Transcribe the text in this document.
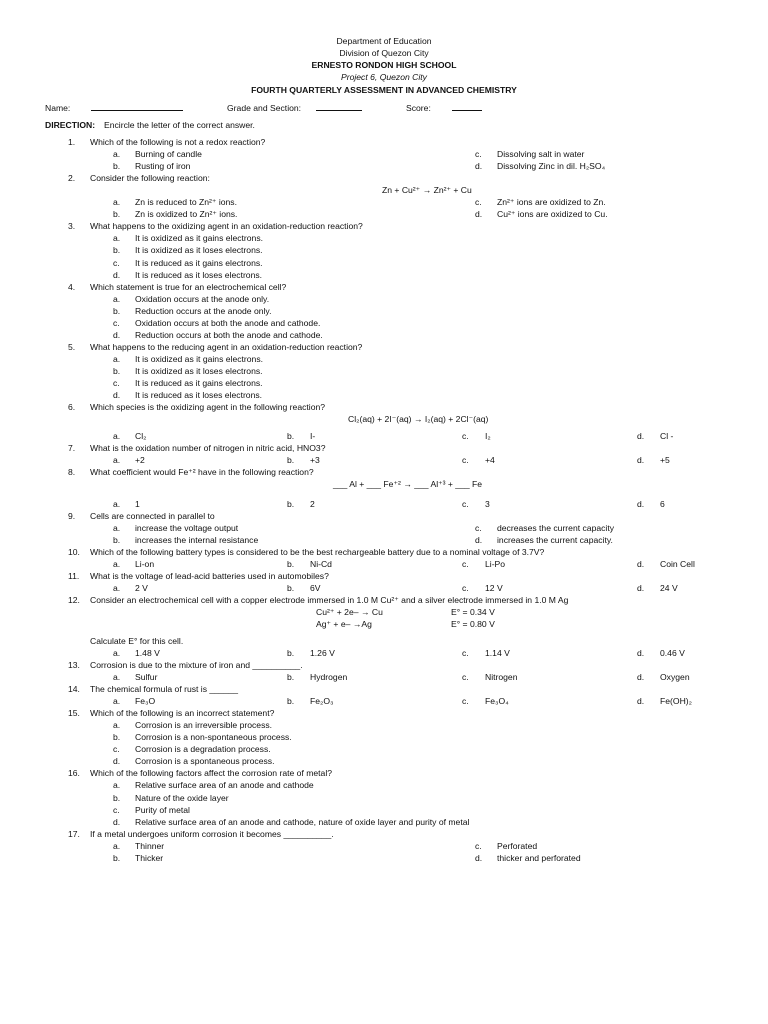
Department of Education
Division of Quezon City
ERNESTO RONDON HIGH SCHOOL
Project 6, Quezon City
FOURTH QUARTERLY ASSESSMENT IN ADVANCED CHEMISTRY
Name:	Grade and Section:	Score:
DIRECTION: Encircle the letter of the correct answer.
1. Which of the following is not a redox reaction?
a. Burning of candle	c. Dissolving salt in water
b. Rusting of iron	d. Dissolving Zinc in dil. H₂SO₄
2. Consider the following reaction:
Zn + Cu²⁺ → Zn²⁺ + Cu
a. Zn is reduced to Zn²⁺ ions.	c. Zn²⁺ ions are oxidized to Zn.
b. Zn is oxidized to Zn²⁺ ions.	d. Cu²⁺ ions are oxidized to Cu.
3. What happens to the oxidizing agent in an oxidation-reduction reaction?
a. It is oxidized as it gains electrons.
b. It is oxidized as it loses electrons.
c. It is reduced as it gains electrons.
d. It is reduced as it loses electrons.
4. Which statement is true for an electrochemical cell?
a. Oxidation occurs at the anode only.
b. Reduction occurs at the anode only.
c. Oxidation occurs at both the anode and cathode.
d. Reduction occurs at both the anode and cathode.
5. What happens to the reducing agent in an oxidation-reduction reaction?
a. It is oxidized as it gains electrons.
b. It is oxidized as it loses electrons.
c. It is reduced as it gains electrons.
d. It is reduced as it loses electrons.
6. Which species is the oxidizing agent in the following reaction?
Cl₂(aq) + 2I⁻(aq) → I₂(aq) + 2Cl⁻(aq)
a. Cl₂	b. I-	c. I₂	d. Cl -
7. What is the oxidation number of nitrogen in nitric acid, HNO3?
a. +2	b. +3	c. +4	d. +5
8. What coefficient would Fe⁺² have in the following reaction?
___ Al + ___ Fe⁺² → ___ Al⁺³ + ___ Fe
a. 1	b. 2	c. 3	d. 6
9. Cells are connected in parallel to
a. increase the voltage output	c. decreases the current capacity
b. increases the internal resistance	d. increases the current capacity.
10. Which of the following battery types is considered to be the best rechargeable battery due to a nominal voltage of 3.7V?
a. Li-on	b. Ni-Cd	c. Li-Po	d. Coin Cell
11. What is the voltage of lead-acid batteries used in automobiles?
a. 2 V	b. 6V	c. 12 V	d. 24 V
12. Consider an electrochemical cell with a copper electrode immersed in 1.0 M Cu²⁺ and a silver electrode immersed in 1.0 M Ag
Cu²⁺ + 2e– → Cu	E° = 0.34 V
Ag⁺ + e– →Ag	E° = 0.80 V
Calculate E° for this cell.
a. 1.48 V	b. 1.26 V	c. 1.14 V	d. 0.46 V
13. Corrosion is due to the mixture of iron and __________.
a. Sulfur	b. Hydrogen	c. Nitrogen	d. Oxygen
14. The chemical formula of rust is ______
a. Fe₃O	b. Fe₂O₃	c. Fe₃O₄	d. Fe(OH)₂
15. Which of the following is an incorrect statement?
a. Corrosion is an irreversible process.
b. Corrosion is a non-spontaneous process.
c. Corrosion is a degradation process.
d. Corrosion is a spontaneous process.
16. Which of the following factors affect the corrosion rate of metal?
a. Relative surface area of an anode and cathode
b. Nature of the oxide layer
c. Purity of metal
d. Relative surface area of an anode and cathode, nature of oxide layer and purity of metal
17. If a metal undergoes uniform corrosion it becomes __________.
a. Thinner	c. Perforated
b. Thicker	d. thicker and perforated
